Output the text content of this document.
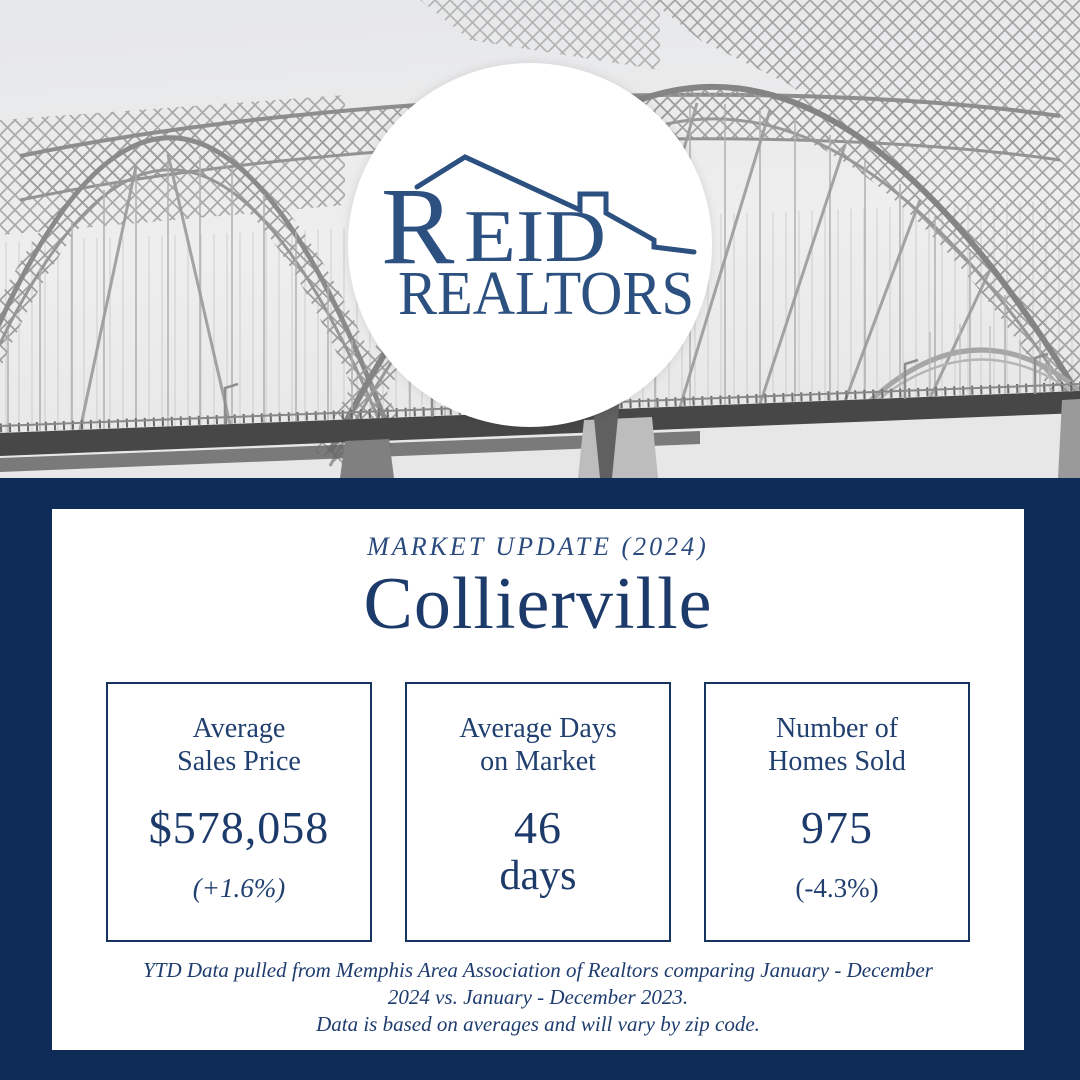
R EID
REALTORS
MARKET UPDATE (2024)
Collierville
Average
Sales Price
$578,058
(+1.6%)
Average Days
on Market
46
days
Number of
Homes Sold
975
(-4.3%)
YTD Data pulled from Memphis Area Association of Realtors comparing January - December
2024 vs. January - December 2023.
Data is based on averages and will vary by zip code.
